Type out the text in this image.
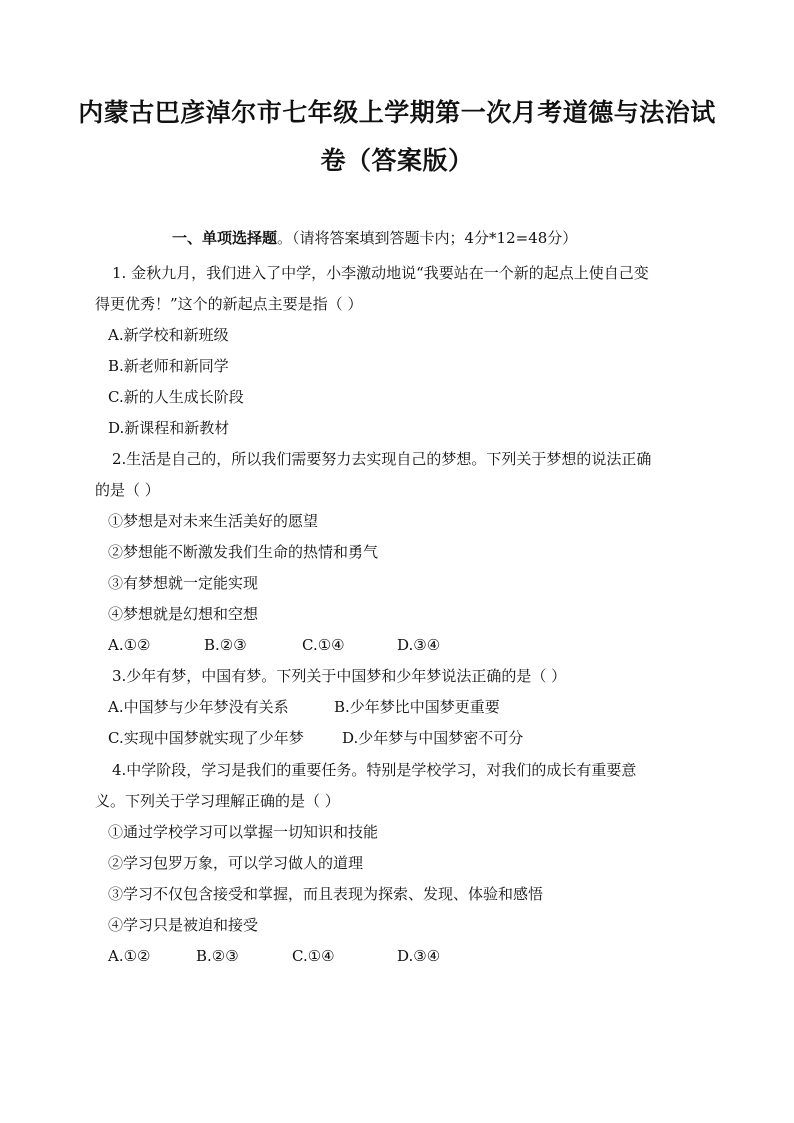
内蒙古巴彦淖尔市七年级上学期第一次月考道德与法治试
卷（答案版）
一、单项选择题。（请将答案填到答题卡内；4分*12=48分）
1. 金秋九月，我们进入了中学，小李激动地说“我要站在一个新的起点上使自己变
得更优秀！”这个的新起点主要是指（ ）
A.新学校和新班级
B.新老师和新同学
C.新的人生成长阶段
D.新课程和新教材
2.生活是自己的，所以我们需要努力去实现自己的梦想。下列关于梦想的说法正确
的是（ ）
①梦想是对未来生活美好的愿望
②梦想能不断激发我们生命的热情和勇气
③有梦想就一定能实现
④梦想就是幻想和空想
A.①②	B.②③	C.①④	D.③④
3.少年有梦，中国有梦。下列关于中国梦和少年梦说法正确的是（ ）
A.中国梦与少年梦没有关系	B.少年梦比中国梦更重要
C.实现中国梦就实现了少年梦	D.少年梦与中国梦密不可分
4.中学阶段，学习是我们的重要任务。特别是学校学习，对我们的成长有重要意
义。下列关于学习理解正确的是（ ）
①通过学校学习可以掌握一切知识和技能
②学习包罗万象，可以学习做人的道理
③学习不仅包含接受和掌握，而且表现为探索、发现、体验和感悟
④学习只是被迫和接受
A.①②	B.②③	C.①④	D.③④
